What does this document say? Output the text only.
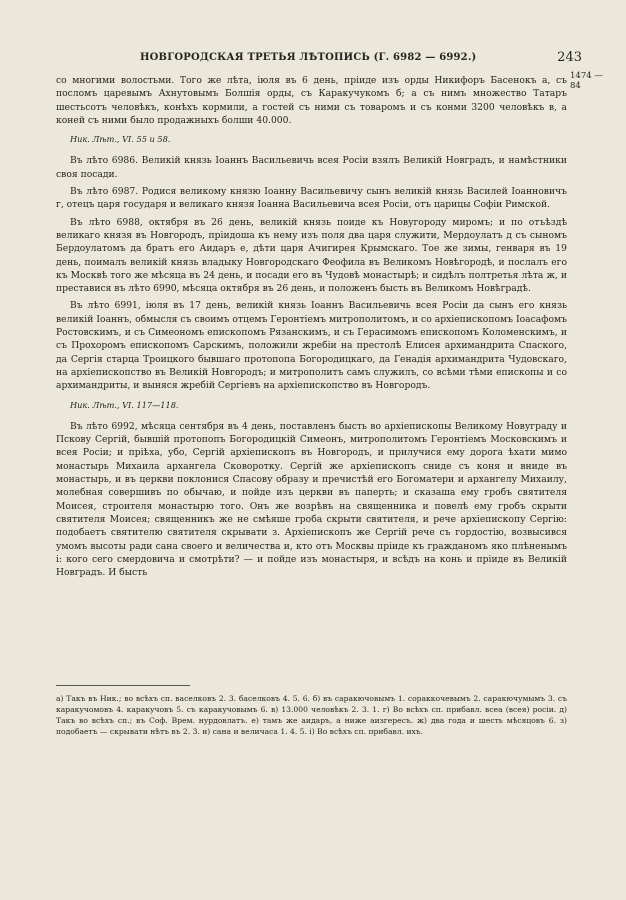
НОВГОРОДСКАЯ ТРЕТЬЯ ЛѢТОПИСЬ (Г. 6982 — 6992.)	243
1474 —84

со многими волостьми. Того же лѣта, iюля въ 6 день, прiиде изъ орды Никифоръ Басенокъ а, съ посломъ царевымъ Ахнутовымъ Болшiя орды, съ Каракучукомъ б; а съ нимъ множество Татаръ шестьсотъ человѣкъ, конѣхъ кормили, а гостей съ ними съ товаромъ и съ конми 3200 человѣкъ в, а коней съ ними было продажныхъ болши 40.000.

Ник. Лѣт., VI. 55 и 58.

Въ лѣто 6986. Великiй князь Iоаннъ Васильевичь всея Росiи взялъ Великiй Новградъ, и намѣстники своя посади.

Въ лѣто 6987. Родися великому князю Iоанну Васильевичу сынъ великiй князь Василей Iоанновичъ г, отецъ царя государя и великаго князя Iоанна Васильевича всея Росiи, отъ царицы Софiи Римской.

Въ лѣто 6988, октября въ 26 день, великiй князь поиде къ Новугороду миромъ; и по отъѣздѣ великаго князя въ Новгородъ, прiидоша къ нему изъ поля два царя служити, Мердоулатъ д съ сыномъ Бердоулатомъ да братъ его Аидаръ е, дѣти царя Ачигирея Крымскаго. Тое же зимы, генваря въ 19 день, поималъ великiй князь владыку Новгородскаго Феофила въ Великомъ Новѣгородѣ, и послалъ его къ Москвѣ того же мѣсяца въ 24 день, и посади его въ Чудовѣ монастырѣ; и сидѣлъ полтретья лѣта ж, и преставися въ лѣто 6990, мѣсяца октября въ 26 день, и положенъ бысть въ Великомъ Новѣградѣ.

Въ лѣто 6991, iюля въ 17 день, великiй князь Iоаннъ Васильевичь всея Росiи да сынъ его князь великiй Iоаннъ, обмысля съ своимъ отцемъ Геронтiемъ митрополитомъ, и со архiепископомъ Iоасафомъ Ростовскимъ, и съ Симеономъ епископомъ Рязанскимъ, и съ Герасимомъ епископомъ Коломенскимъ, и съ Прохоромъ епископомъ Сарскимъ, положили жребiи на престолѣ Елисея архимандрита Спаского, да Сергiя старца Троицкого бывшаго протопопа Богородицкаго, да Генадiя архимандрита Чудовскаго, на архiепископство въ Великiй Новгородъ; и митрополитъ самъ служилъ, со всѣми тѣми епископы и со архимандриты, и выняся жребiй Сергiевъ на архiепископство въ Новгородъ.

Ник. Лѣт., VI. 117—118.

Въ лѣто 6992, мѣсяца сентября въ 4 день, поставленъ бысть во архiепископы Великому Новуграду и Пскову Сергiй, бывшiй протопопъ Богородицкiй Симеонъ, митрополитомъ Геронтiемъ Московскимъ и всея Росiи; и прiѣха, убо, Сергiй архiепископъ въ Новгородъ, и прилучися ему дорога ѣхати мимо монастырь Михаила архангела Сковоротку. Сергiй же архiепископъ сниде съ коня и вниде въ монастырь, и въ церкви поклонися Спасову образу и пречистѣй его Богоматери и архангелу Михаилу, молебная совершивъ по обычаю, и пойде изъ церкви въ паперть; и сказаша ему гробъ святителя Моисея, строителя монастырю того. Онъ же возрѣвъ на священника и повелѣ ему гробъ скрыти святителя Моисея; священникъ же не смѣяше гроба скрыти святителя, и рече архiепископу Сергiю: подобаетъ святителю святителя скрывати з. Архiепископъ же Сергiй рече съ гордостiю, возвысився умомъ высоты ради сана своего и величества и, кто отъ Москвы прiиде къ гражданомъ яко плѣненымъ i: кого сего смердовича и смотрѣти? — и пойде изъ монастыря, и всѣдъ на конь и прiиде въ Великiй Новградъ. И бысть

а) Такъ въ Ник.; во всѣхъ сп. васелковъ 2. 3. баселковъ 4. 5. 6. б) въ саракючовымъ 1. сораккочевымъ 2. саракючумымъ 3. съ каракучомовъ 4. каракучовъ 5. съ каракучовымъ 6. в) 13.000 человѣкъ 2. 3. 1. г) Во всѣхъ сп. прибавл. всеа (всея) росiи. д) Такъ во всѣхъ сп.; въ Соф. Врем. нурдовлатъ. е) тамъ же аидаръ, а ниже аизгересъ. ж) два года и шесть мѣсяцовъ 6. з) подобаетъ — скрывати нѣтъ въ 2. 3. и) сана и величаса 1. 4. 5. i) Во всѣхъ сп. прибавл. ихъ.
